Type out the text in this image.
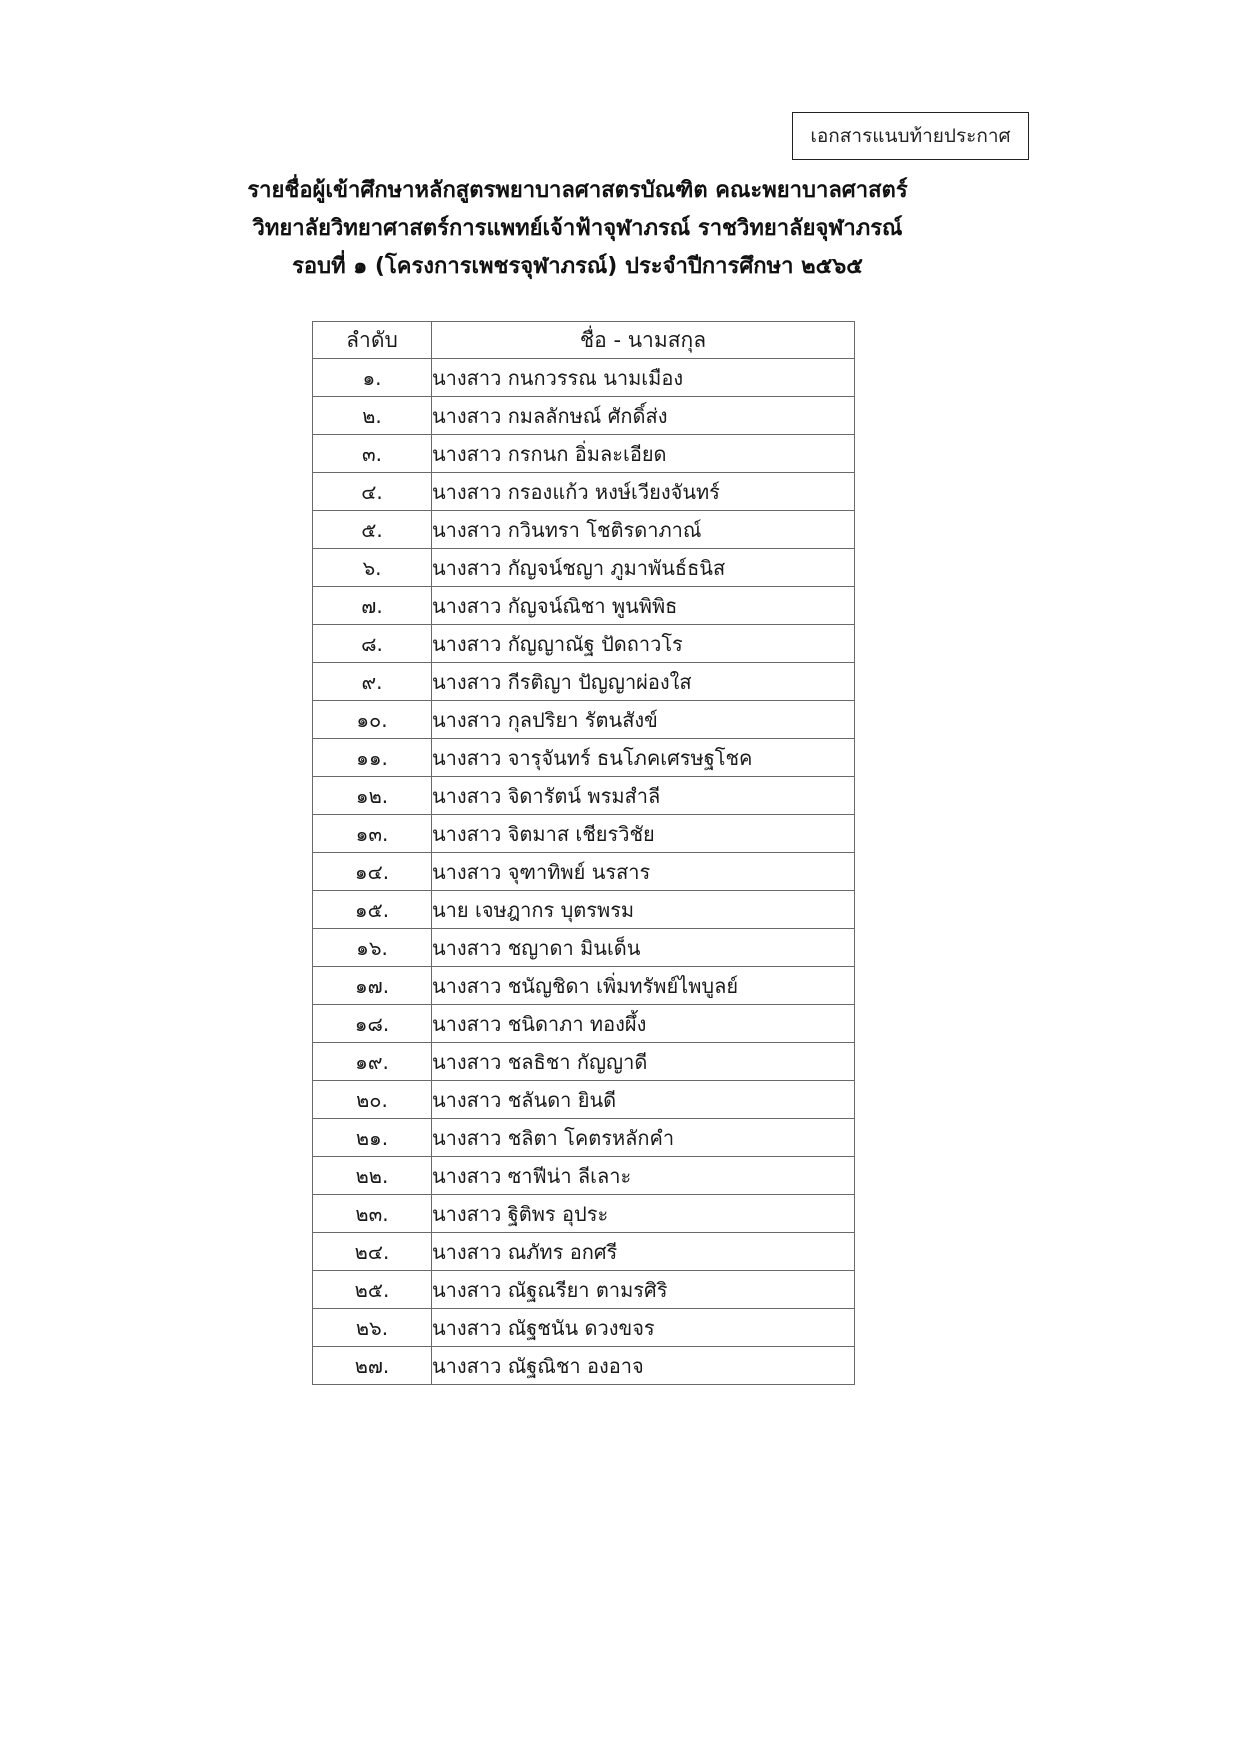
เอกสารแนบท้ายประกาศ
รายชื่อผู้เข้าศึกษาหลักสูตรพยาบาลศาสตรบัณฑิต คณะพยาบาลศาสตร์
วิทยาลัยวิทยาศาสตร์การแพทย์เจ้าฟ้าจุฬาภรณ์ ราชวิทยาลัยจุฬาภรณ์
รอบที่ ๑ (โครงการเพชรจุฬาภรณ์) ประจำปีการศึกษา ๒๕๖๕
ลำดับ	ชื่อ - นามสกุล
๑.	นางสาว กนกวรรณ นามเมือง
๒.	นางสาว กมลลักษณ์ ศักดิ์ส่ง
๓.	นางสาว กรกนก อิ่มละเอียด
๔.	นางสาว กรองแก้ว หงษ์เวียงจันทร์
๕.	นางสาว กวินทรา โชติรดาภาณ์
๖.	นางสาว กัญจน์ชญา ภูมาพันธ์ธนิส
๗.	นางสาว กัญจน์ณิชา พูนพิพิธ
๘.	นางสาว กัญญาณัฐ ปัดถาวโร
๙.	นางสาว กีรติญา ปัญญาผ่องใส
๑๐.	นางสาว กุลปริยา รัตนสังข์
๑๑.	นางสาว จารุจันทร์ ธนโภคเศรษฐโชค
๑๒.	นางสาว จิดารัตน์ พรมสำลี
๑๓.	นางสาว จิตมาส เชียรวิชัย
๑๔.	นางสาว จุฑาทิพย์ นรสาร
๑๕.	นาย เจษฎากร บุตรพรม
๑๖.	นางสาว ชญาดา มินเด็น
๑๗.	นางสาว ชนัญชิดา เพิ่มทรัพย์ไพบูลย์
๑๘.	นางสาว ชนิดาภา ทองผึ้ง
๑๙.	นางสาว ชลธิชา กัญญาดี
๒๐.	นางสาว ชลันดา ยินดี
๒๑.	นางสาว ชลิตา โคตรหลักคำ
๒๒.	นางสาว ซาฟีน่า ลีเลาะ
๒๓.	นางสาว ฐิติพร อุประ
๒๔.	นางสาว ณภัทร อกศรี
๒๕.	นางสาว ณัฐณรียา ตามรศิริ
๒๖.	นางสาว ณัฐชนัน ดวงขจร
๒๗.	นางสาว ณัฐณิชา องอาจ
